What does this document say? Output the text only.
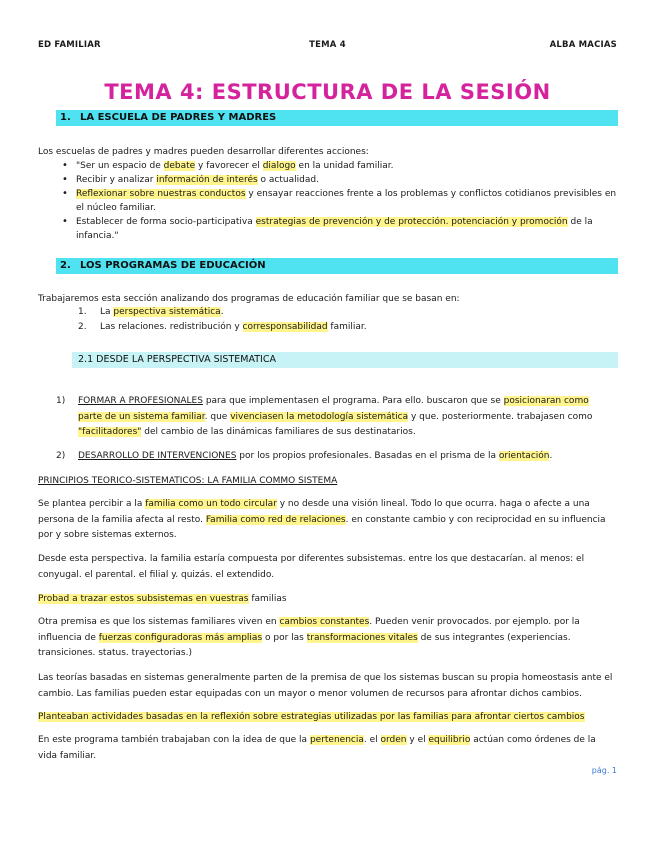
ED FAMILIAR	TEMA 4	ALBA MACIAS
TEMA 4: ESTRUCTURA DE LA SESIÓN
1. LA ESCUELA DE PADRES Y MADRES

Los escuelas de padres y madres pueden desarrollar diferentes acciones:

• "Ser un espacio de debate y favorecer el dialogo en la unidad familiar.
• Recibir y analizar información de interés o actualidad.
• Reflexionar sobre nuestras conductos y ensayar reacciones frente a los problemas y conflictos cotidianos previsibles en el núcleo familiar.
• Establecer de forma socio-participativa estrategias de prevención y de protección. potenciación y promoción de la infancia."
2. LOS PROGRAMAS DE EDUCACIÓN

Trabajaremos esta sección analizando dos programas de educación familiar que se basan en:

1. La perspectiva sistemática.
2. Las relaciones. redistribución y corresponsabilidad familiar.
2.1 DESDE LA PERSPECTIVA SISTEMATICA
1) FORMAR A PROFESIONALES para que implementasen el programa. Para ello. buscaron que se posicionaran como parte de un sistema familiar. que vivenciasen la metodología sistemática y que. posteriormente. trabajasen como "facilitadores" del cambio de las dinámicas familiares de sus destinatarios.
2) DESARROLLO DE INTERVENCIONES por los propios profesionales. Basadas en el prisma de la orientación.

PRINCIPIOS TEORICO-SISTEMATICOS: LA FAMILIA COMMO SISTEMA

Se plantea percibir a la familia como un todo circular y no desde una visión lineal. Todo lo que ocurra. haga o afecte a una persona de la familia afecta al resto. Familia como red de relaciones. en constante cambio y con reciprocidad en su influencia por y sobre sistemas externos.

Desde esta perspectiva. la familia estaría compuesta por diferentes subsistemas. entre los que destacarían. al menos: el conyugal. el parental. el filial y. quizás. el extendido.

Probad a trazar estos subsistemas en vuestras familias

Otra premisa es que los sistemas familiares viven en cambios constantes. Pueden venir provocados. por ejemplo. por la influencia de fuerzas configuradoras más amplias o por las transformaciones vitales de sus integrantes (experiencias. transiciones. status. trayectorias.)

Las teorías basadas en sistemas generalmente parten de la premisa de que los sistemas buscan su propia homeostasis ante el cambio. Las familias pueden estar equipadas con un mayor o menor volumen de recursos para afrontar dichos cambios.

Planteaban actividades basadas en la reflexión sobre estrategias utilizadas por las familias para afrontar ciertos cambios

En este programa también trabajaban con la idea de que la pertenencia. el orden y el equilibrio actúan como órdenes de la vida familiar.

pág. 1
